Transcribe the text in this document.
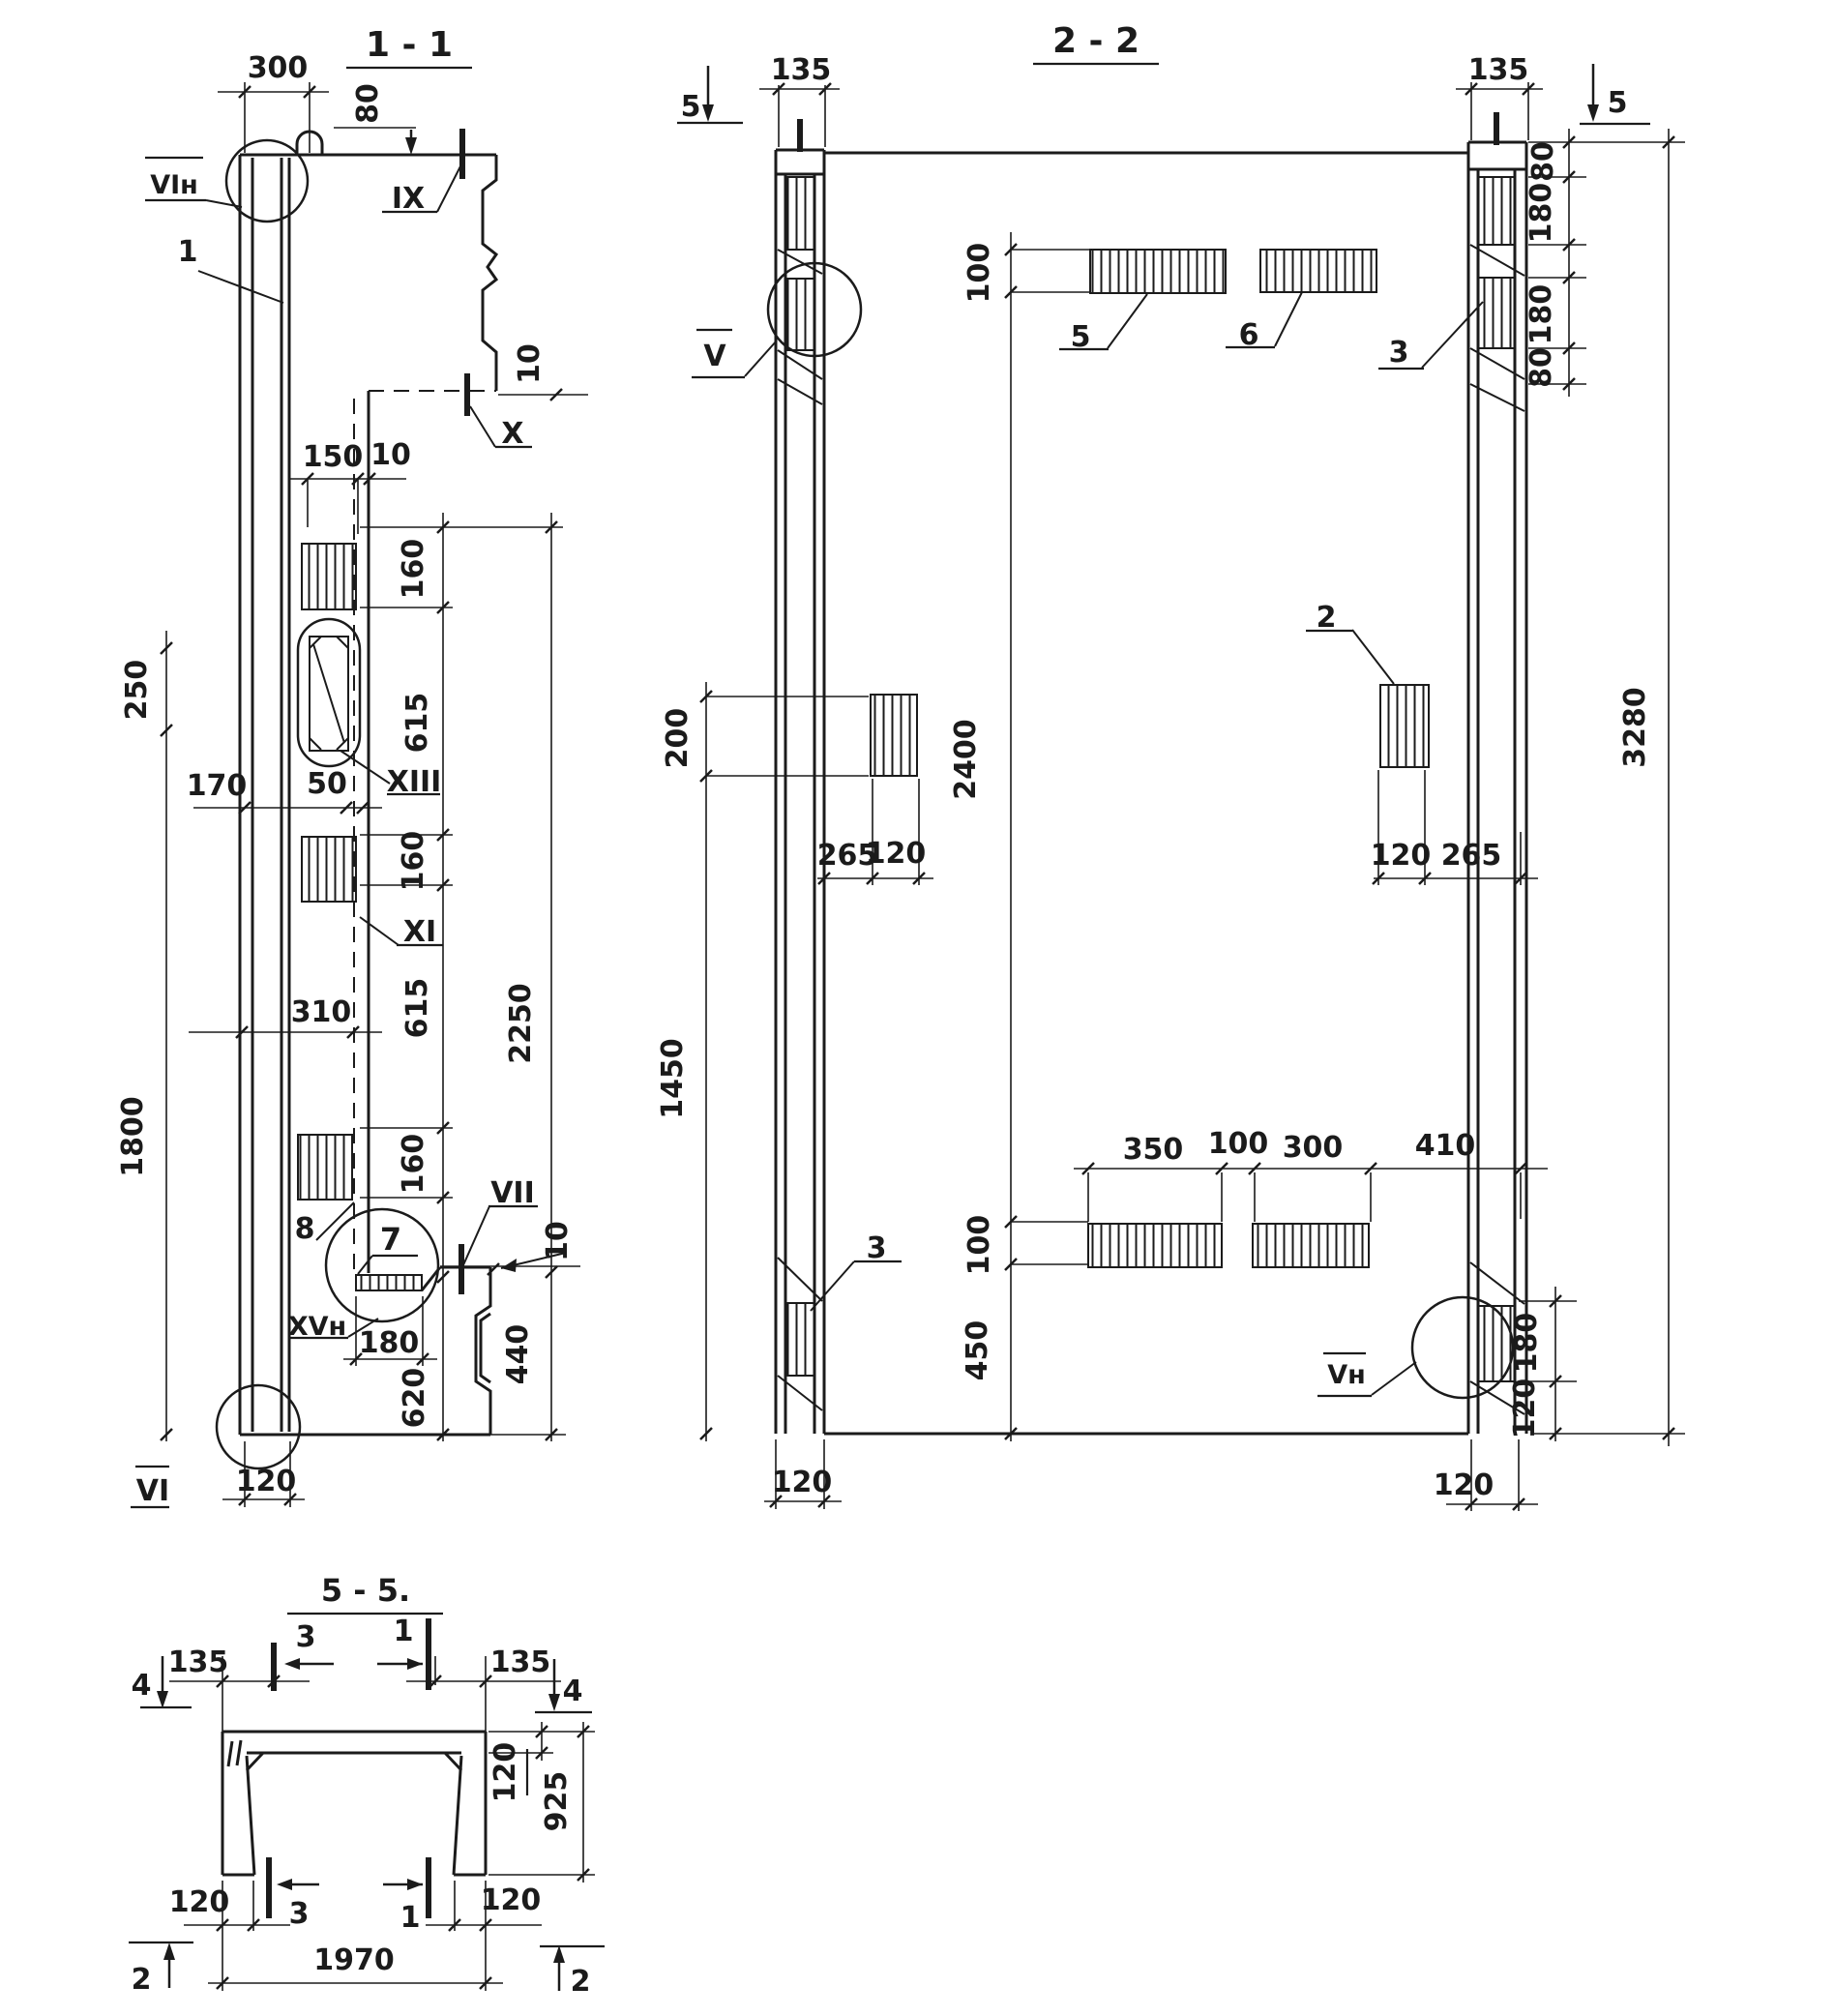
1 - 1
300
80
VIн
1
IX
10
X
150 10
160
615
160
615
160
2250
XIII
50
170
XI
310
1800
250
8 7
XVн
VII
180
620
440
10
VI 120
2 - 2
5
135	135
5
80
180
180
80
3
5	6
100
2400
V
200
1450
265
120
2
120 265
3280
350 100 300 410
100
450
3
Vн
180
120
120	120
5 - 5.
3	1
4	4
135	135
120 925
120	120
3	1
1970
2	2
